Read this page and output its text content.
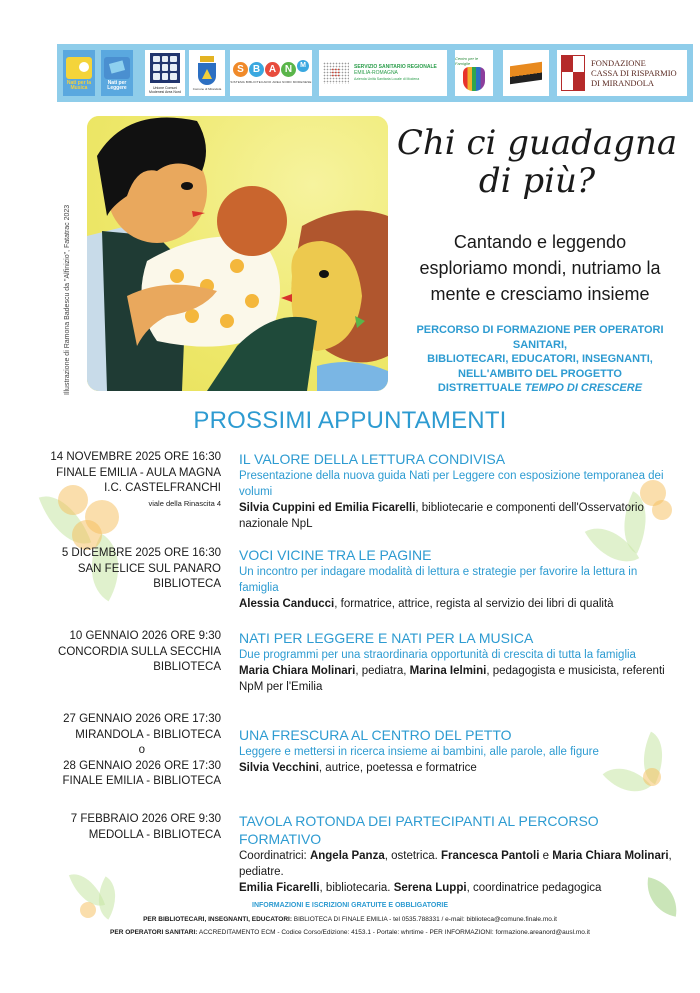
Nati per la Musica
Nati per Leggere	Unione Comuni Modenesi Area Nord
Comune di Mirandola
S B A N	M
SISTEMA BIBLIOTECARIO AREA NORD MODENESE
SERVIZIO SANITARIO REGIONALE
EMILIA-ROMAGNA
Azienda Unità Sanitaria Locale di Modena
Centro per le Famiglie	FONDAZIONE
CASSA DI RISPARMIO
DI MIRANDOLA
Illustrazione di Ramona Badescu da "Alfinizio", Fatatrac 2023
Chi ci guadagna
di più?
Cantando e leggendo
esploriamo mondi, nutriamo la
mente e cresciamo insieme
PERCORSO DI FORMAZIONE PER OPERATORI SANITARI,
BIBLIOTECARI, EDUCATORI, INSEGNANTI,
NELL'AMBITO DEL PROGETTO
DISTRETTUALE TEMPO DI CRESCERE
PROSSIMI APPUNTAMENTI
14 NOVEMBRE 2025 ORE 16:30
FINALE EMILIA - AULA MAGNA
I.C. CASTELFRANCHI
viale della Rinascita 4
IL VALORE DELLA LETTURA CONDIVISA
Presentazione della nuova guida Nati per Leggere con esposizione temporanea dei volumi
Silvia Cuppini ed Emilia Ficarelli, bibliotecarie e componenti dell'Osservatorio nazionale NpL
5 DICEMBRE 2025 ORE 16:30
SAN FELICE SUL PANARO
BIBLIOTECA
VOCI VICINE TRA LE PAGINE
Un incontro per indagare modalità di lettura e strategie per favorire la lettura in famiglia
Alessia Canducci, formatrice, attrice, regista al servizio dei libri di qualità
10 GENNAIO 2026 ORE 9:30
CONCORDIA SULLA SECCHIA
BIBLIOTECA
NATI PER LEGGERE E NATI PER LA MUSICA
Due programmi per una straordinaria opportunità di crescita di tutta la famiglia
Maria Chiara Molinari, pediatra, Marina Ielmini, pedagogista e musicista, referenti NpM per l'Emilia
27 GENNAIO 2026 ORE 17:30
MIRANDOLA - BIBLIOTECA
o
28 GENNAIO 2026 ORE 17:30
FINALE EMILIA - BIBLIOTECA
UNA FRESCURA AL CENTRO DEL PETTO
Leggere e mettersi in ricerca insieme ai bambini, alle parole, alle figure
Silvia Vecchini, autrice, poetessa e formatrice
7 FEBBRAIO 2026 ORE 9:30
MEDOLLA - BIBLIOTECA
TAVOLA ROTONDA DEI PARTECIPANTI AL PERCORSO FORMATIVO
Coordinatrici: Angela Panza, ostetrica. Francesca Pantoli e Maria Chiara Molinari, pediatre.
Emilia Ficarelli, bibliotecaria. Serena Luppi, coordinatrice pedagogica
INFORMAZIONI E ISCRIZIONI GRATUITE E OBBLIGATORIE
PER BIBLIOTECARI, INSEGNANTI, EDUCATORI: BIBLIOTECA DI FINALE EMILIA - tel 0535.788331 / e-mail: biblioteca@comune.finale.mo.it
PER OPERATORI SANITARI: ACCREDITAMENTO ECM - Codice Corso/Edizione: 4153.1 - Portale: whrtime - PER INFORMAZIONI: formazione.areanord@ausl.mo.it
